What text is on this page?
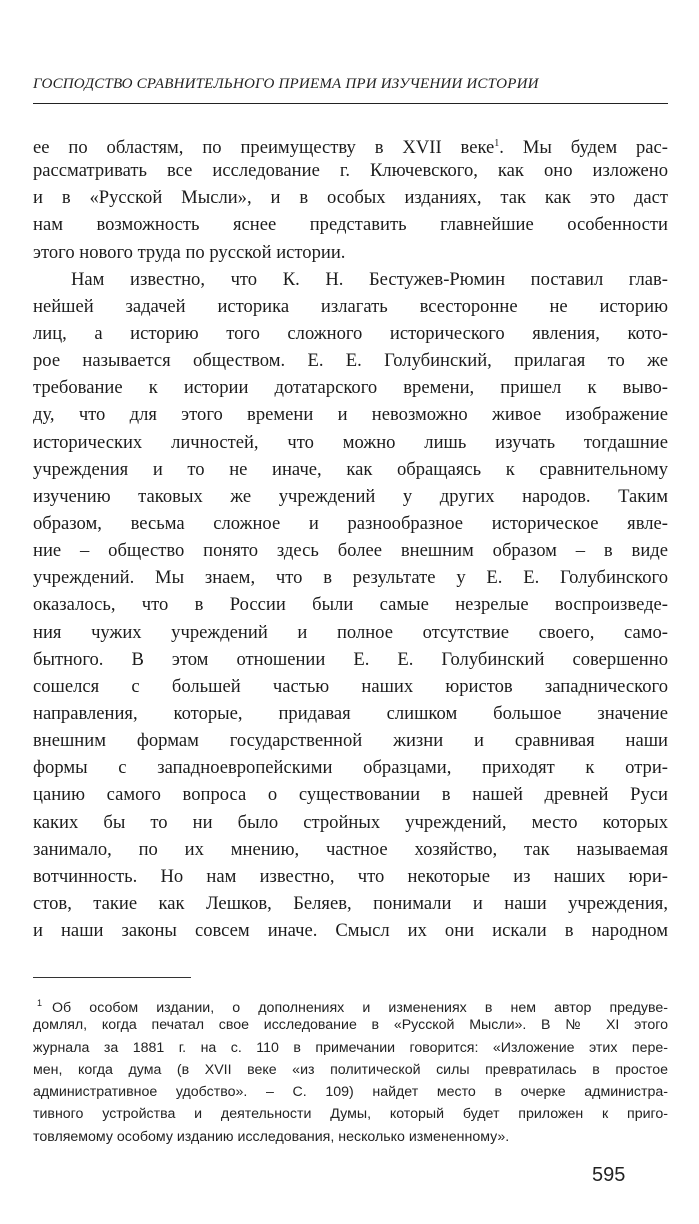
ГОСПОДСТВО СРАВНИТЕЛЬНОГО ПРИЕМА ПРИ ИЗУЧЕНИИ ИСТОРИИ
ее по областям, по преимуществу в XVII веке$^1$. Мы будем рас-
рассматривать все исследование г. Ключевского, как оно изложено
и в «Русской Мысли», и в особых изданиях, так как это даст
нам возможность яснее представить главнейшие особенности
этого нового труда по русской истории.
Нам известно, что К. Н. Бестужев-Рюмин поставил глав-
нейшей задачей историка излагать всесторонне не историю
лиц, а историю того сложного исторического явления, кото-
рое называется обществом. Е. Е. Голубинский, прилагая то же
требование к истории дотатарского времени, пришел к выво-
ду, что для этого времени и невозможно живое изображение
исторических личностей, что можно лишь изучать тогдашние
учреждения и то не иначе, как обращаясь к сравнительному
изучению таковых же учреждений у других народов. Таким
образом, весьма сложное и разнообразное историческое явле-
ние – общество понято здесь более внешним образом – в виде
учреждений. Мы знаем, что в результате у Е. Е. Голубинского
оказалось, что в России были самые незрелые воспроизведе-
ния чужих учреждений и полное отсутствие своего, само-
бытного. В этом отношении Е. Е. Голубинский совершенно
сошелся с большей частью наших юристов западнического
направления, которые, придавая слишком большое значение
внешним формам государственной жизни и сравнивая наши
формы с западноевропейскими образцами, приходят к отри-
цанию самого вопроса о существовании в нашей древней Руси
каких бы то ни было стройных учреждений, место которых
занимало, по их мнению, частное хозяйство, так называемая
вотчинность. Но нам известно, что некоторые из наших юри-
стов, такие как Лешков, Беляев, понимали и наши учреждения,
и наши законы совсем иначе. Смысл их они искали в народном
$^1$ Об особом издании, о дополнениях и изменениях в нем автор предуве-
домлял, когда печатал свое исследование в «Русской Мысли». В № XI этого
журнала за 1881 г. на с. 110 в примечании говорится: «Изложение этих пере-
мен, когда дума (в XVII веке «из политической силы превратилась в простое
административное удобство». – С. 109) найдет место в очерке администра-
тивного устройства и деятельности Думы, который будет приложен к приго-
товляемому особому изданию исследования, несколько измененному».
595
